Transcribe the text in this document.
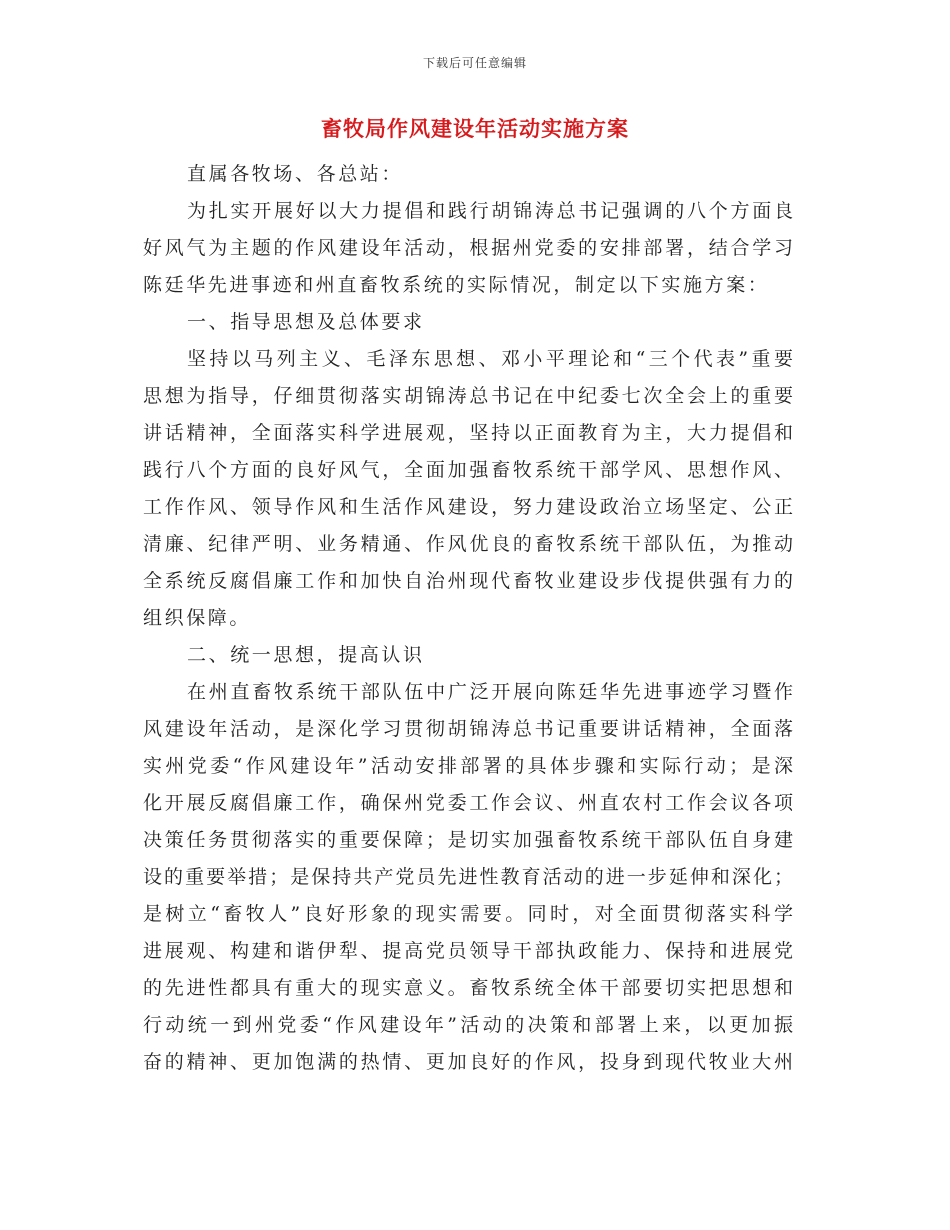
下载后可任意编辑
畜牧局作风建设年活动实施方案
直属各牧场、各总站：
为扎实开展好以大力提倡和践行胡锦涛总书记强调的八个方面良
好风气为主题的作风建设年活动，根据州党委的安排部署，结合学习
陈廷华先进事迹和州直畜牧系统的实际情况，制定以下实施方案：
一、指导思想及总体要求
坚持以马列主义、毛泽东思想、邓小平理论和“三个代表”重要
思想为指导，仔细贯彻落实胡锦涛总书记在中纪委七次全会上的重要
讲话精神，全面落实科学进展观，坚持以正面教育为主，大力提倡和
践行八个方面的良好风气，全面加强畜牧系统干部学风、思想作风、
工作作风、领导作风和生活作风建设，努力建设政治立场坚定、公正
清廉、纪律严明、业务精通、作风优良的畜牧系统干部队伍，为推动
全系统反腐倡廉工作和加快自治州现代畜牧业建设步伐提供强有力的
组织保障。
二、统一思想，提高认识
在州直畜牧系统干部队伍中广泛开展向陈廷华先进事迹学习暨作
风建设年活动，是深化学习贯彻胡锦涛总书记重要讲话精神，全面落
实州党委“作风建设年”活动安排部署的具体步骤和实际行动；是深
化开展反腐倡廉工作，确保州党委工作会议、州直农村工作会议各项
决策任务贯彻落实的重要保障；是切实加强畜牧系统干部队伍自身建
设的重要举措；是保持共产党员先进性教育活动的进一步延伸和深化；
是树立“畜牧人”良好形象的现实需要。同时，对全面贯彻落实科学
进展观、构建和谐伊犁、提高党员领导干部执政能力、保持和进展党
的先进性都具有重大的现实意义。畜牧系统全体干部要切实把思想和
行动统一到州党委“作风建设年”活动的决策和部署上来，以更加振
奋的精神、更加饱满的热情、更加良好的作风，投身到现代牧业大州
